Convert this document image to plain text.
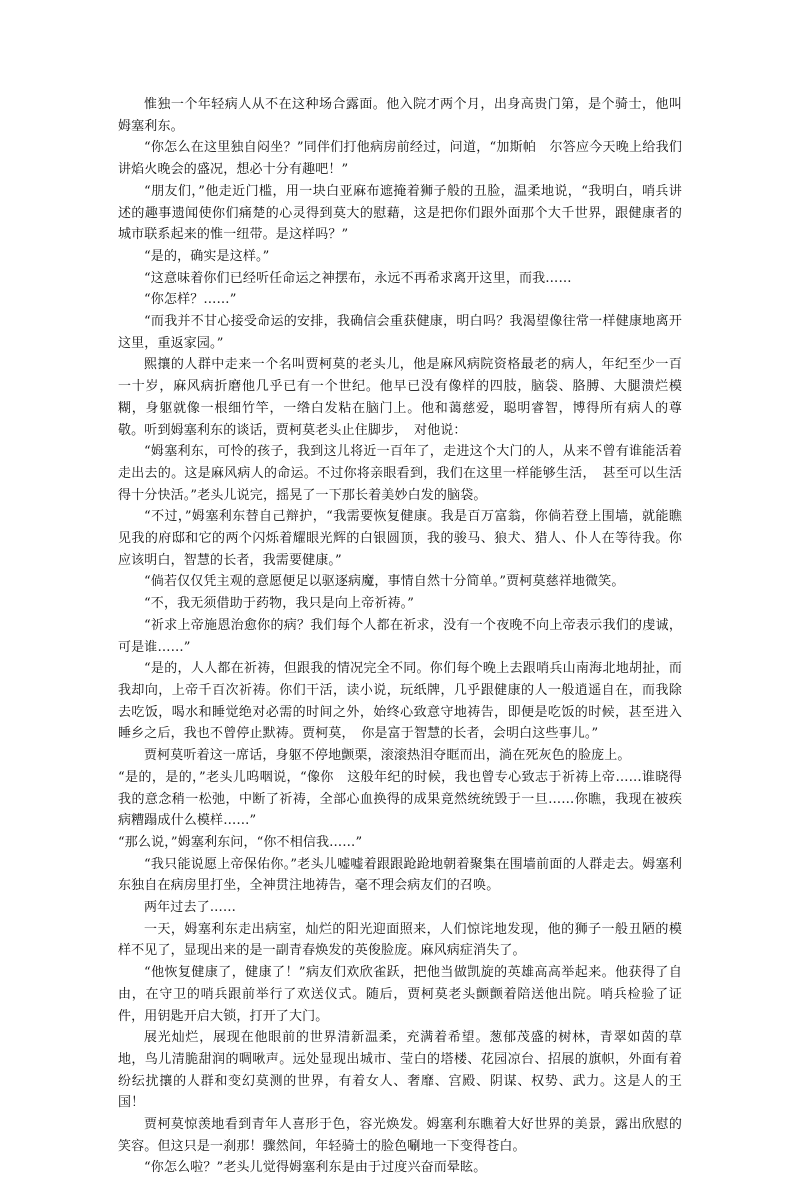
惟独一个年轻病人从不在这种场合露面。他入院才两个月，出身高贵门第，是个骑士，他叫姆塞利东。

“你怎么在这里独自闷坐？”同伴们打他病房前经过，问道，“加斯帕　尔答应今天晚上给我们讲焰火晚会的盛况，想必十分有趣吧！”

“朋友们，”他走近门槛，用一块白亚麻布遮掩着狮子般的丑脸，温柔地说，“我明白，哨兵讲述的趣事遗闻使你们痛楚的心灵得到莫大的慰藉，这是把你们跟外面那个大千世界，跟健康者的城市联系起来的惟一纽带。是这样吗？”

“是的，确实是这样。”

“这意味着你们已经听任命运之神摆布，永远不再希求离开这里，而我……

“你怎样？……”

“而我并不甘心接受命运的安排，我确信会重获健康，明白吗？我渴望像往常一样健康地离开这里，重返家园。”

熙攘的人群中走来一个名叫贾柯莫的老头儿，他是麻风病院资格最老的病人，年纪至少一百一十岁，麻风病折磨他几乎已有一个世纪。他早已没有像样的四肢，脑袋、胳膊、大腿溃烂模糊，身躯就像一根细竹竿，一绺白发粘在脑门上。他和蔼慈爱，聪明睿智，博得所有病人的尊敬。听到姆塞利东的谈话，贾柯莫老头止住脚步，　对他说：

“姆塞利东，可怜的孩子，我到这儿将近一百年了，走进这个大门的人，从来不曾有谁能活着走出去的。这是麻风病人的命运。不过你将亲眼看到，我们在这里一样能够生活，　甚至可以生活得十分快活。”老头儿说完，摇晃了一下那长着美妙白发的脑袋。

“不过，”姆塞利东替自己辩护，“我需要恢复健康。我是百万富翁，你倘若登上围墙，就能瞧见我的府邸和它的两个闪烁着耀眼光辉的白银圆顶，我的骏马、狼犬、猎人、仆人在等待我。你应该明白，智慧的长者，我需要健康。”

“倘若仅仅凭主观的意愿便足以驱逐病魔，事情自然十分简单。”贾柯莫慈祥地微笑。

“不，我无须借助于药物，我只是向上帝祈祷。”

“祈求上帝施恩治愈你的病？我们每个人都在祈求，没有一个夜晚不向上帝表示我们的虔诚，可是谁……”

“是的，人人都在祈祷，但跟我的情况完全不同。你们每个晚上去跟哨兵山南海北地胡扯，而我却向，上帝千百次祈祷。你们干活，读小说，玩纸牌，几乎跟健康的人一般逍遥自在，而我除去吃饭，喝水和睡觉绝对必需的时间之外，始终心致意守地祷告，即便是吃饭的时候，甚至进入睡乡之后，我也不曾停止默祷。贾柯莫，　你是富于智慧的长者，会明白这些事儿。”

贾柯莫听着这一席话，身躯不停地颤栗，滚滚热泪夺眶而出，淌在死灰色的脸庞上。

“是的，是的，”老头儿呜咽说，“像你　这般年纪的时候，我也曾专心致志于祈祷上帝……谁晓得我的意念稍一松弛，中断了祈祷，全部心血换得的成果竟然统统毁于一旦……你瞧，我现在被疾病糟蹋成什么模样……”

“那么说，”姆塞利东问，“你不相信我……”

“我只能说愿上帝保佑你。”老头儿嘘嘘着跟跟跄跄地朝着聚集在围墙前面的人群走去。姆塞利东独自在病房里打坐，全神贯注地祷告，毫不理会病友们的召唤。

两年过去了……

一天，姆塞利东走出病室，灿烂的阳光迎面照来，人们惊诧地发现，他的狮子一般丑陋的模样不见了，显现出来的是一副青春焕发的英俊脸庞。麻风病症消失了。

“他恢复健康了，健康了！”病友们欢欣雀跃，把他当做凯旋的英雄高高举起来。他获得了自由，在守卫的哨兵跟前举行了欢送仪式。随后，贾柯莫老头颤颤着陪送他出院。哨兵检验了证件，用钥匙开启大锁，打开了大门。

展光灿烂，展现在他眼前的世界清新温柔，充满着希望。葱郁茂盛的树林，青翠如茵的草地，鸟儿清脆甜润的啁啾声。远处显现出城市、莹白的塔楼、花园凉台、招展的旗帜，外面有着纷纭扰攘的人群和变幻莫测的世界，有着女人、奢靡、宫殿、阴谋、权势、武力。这是人的王国！

贾柯莫惊羡地看到青年人喜形于色，容光焕发。姆塞利东瞧着大好世界的美景，露出欣慰的笑容。但这只是一刹那！骤然间，年轻骑士的脸色唰地一下变得苍白。

“你怎么啦？”老头儿觉得姆塞利东是由于过度兴奋而晕眩。
